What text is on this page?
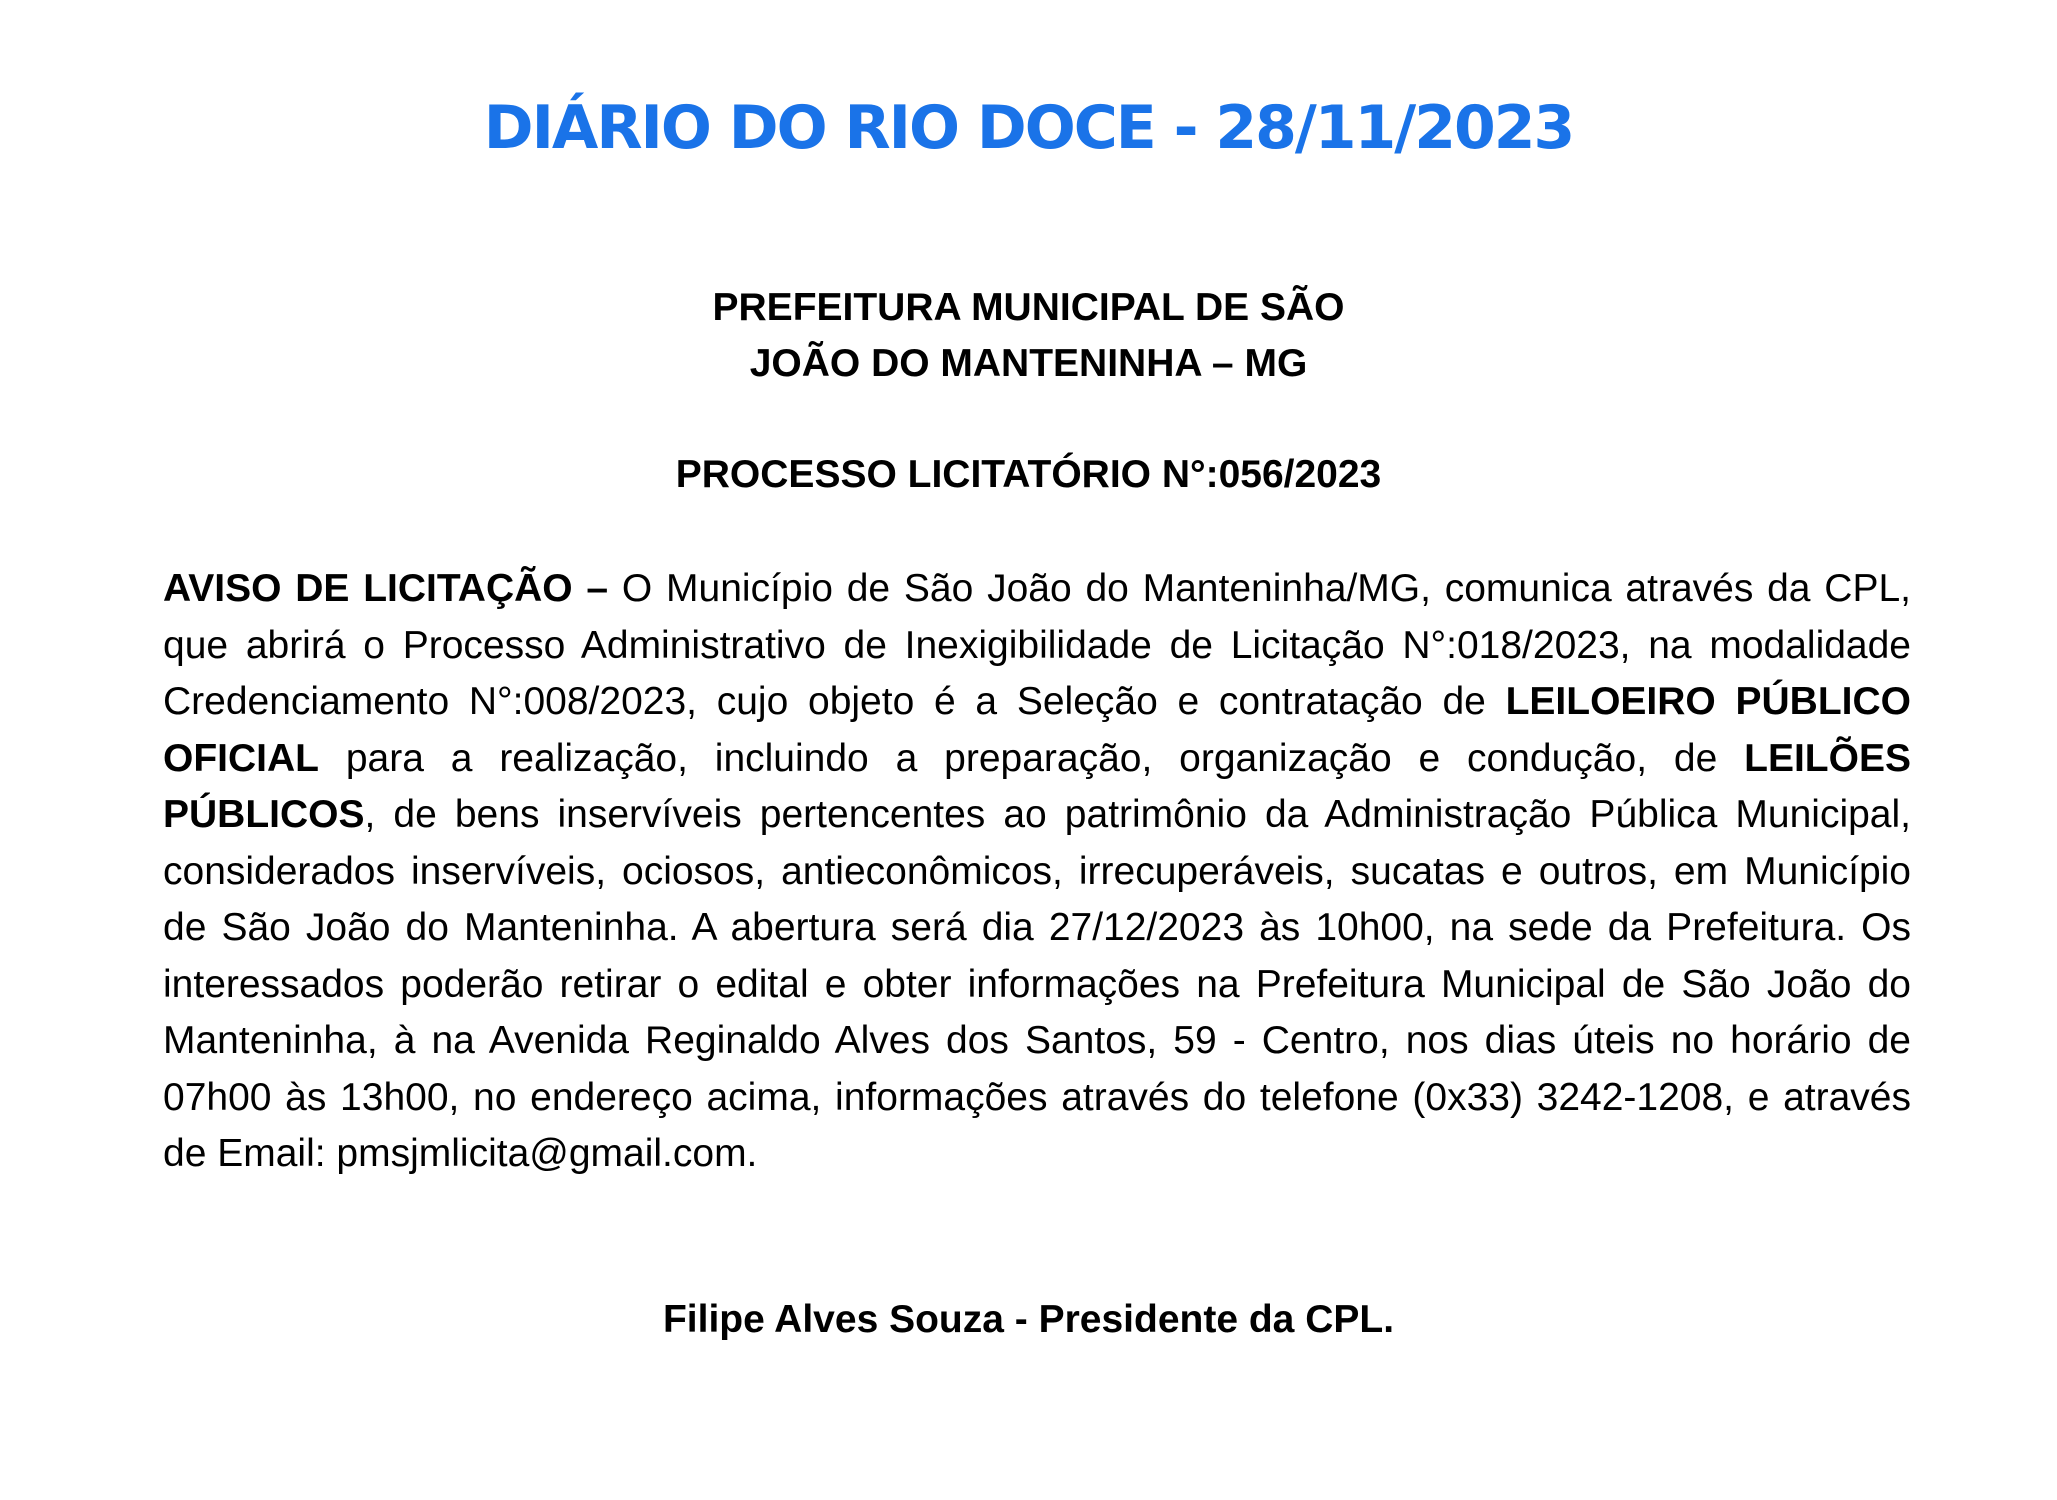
DIÁRIO DO RIO DOCE - 28/11/2023
PREFEITURA MUNICIPAL DE SÃO
JOÃO DO MANTENINHA – MG
PROCESSO LICITATÓRIO N°:056/2023

AVISO DE LICITAÇÃO – O Município de São João do Manteninha/MG, comunica através da CPL, que abrirá o Processo Administrativo de Inexigibilidade de Licitação N°:018/2023, na modalidade Credenciamento N°:008/2023, cujo objeto é a Seleção e contratação de LEILOEIRO PÚBLICO OFICIAL para a realização, incluindo a preparação, organização e condução, de LEILÕES PÚBLICOS, de bens inservíveis pertencentes ao patrimônio da Administração Pública Municipal, considerados inservíveis, ociosos, antieconômicos, irrecuperáveis, sucatas e outros, em Município de São João do Manteninha. A abertura será dia 27/12/2023 às 10h00, na sede da Prefeitura. Os interessados poderão retirar o edital e obter informações na Prefeitura Municipal de São João do Manteninha, à na Avenida Reginaldo Alves dos Santos, 59 - Centro, nos dias úteis no horário de 07h00 às 13h00, no endereço acima, informações através do telefone (0x33) 3242-1208, e através de Email: pmsjmlicita@gmail.com.

Filipe Alves Souza - Presidente da CPL.
